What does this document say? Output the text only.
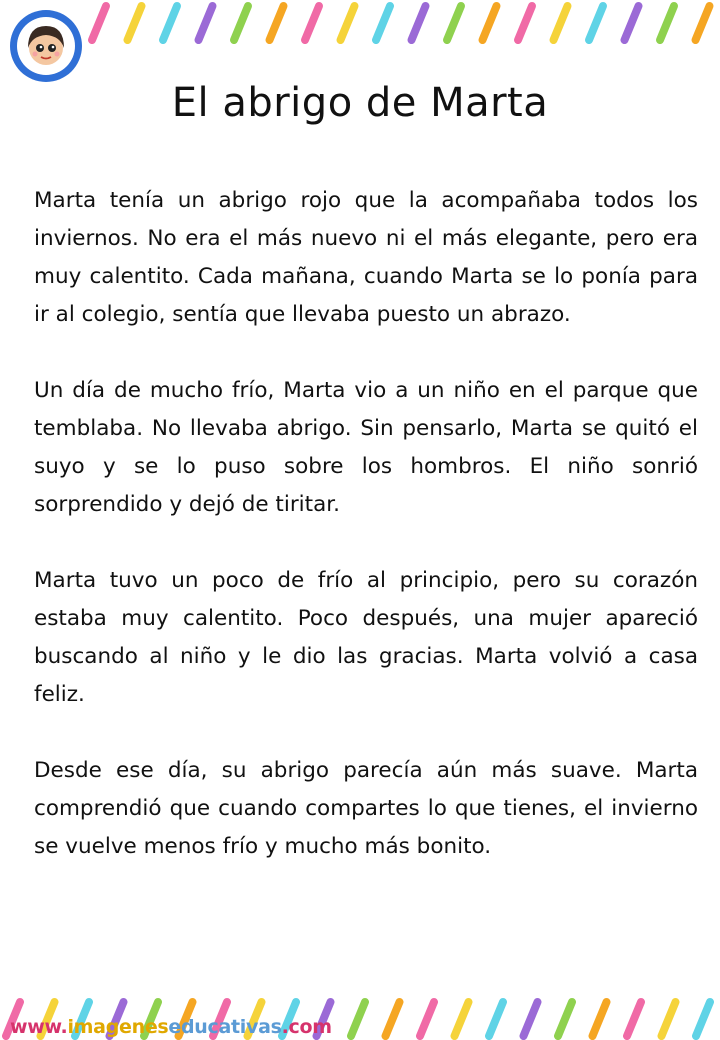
El abrigo de Marta

Marta tenía un abrigo rojo que la acompañaba todos los inviernos. No era el más nuevo ni el más elegante, pero era muy calentito. Cada mañana, cuando Marta se lo ponía para ir al colegio, sentía que llevaba puesto un abrazo.

Un día de mucho frío, Marta vio a un niño en el parque que temblaba. No llevaba abrigo. Sin pensarlo, Marta se quitó el suyo y se lo puso sobre los hombros. El niño sonrió sorprendido y dejó de tiritar.

Marta tuvo un poco de frío al principio, pero su corazón estaba muy calentito. Poco después, una mujer apareció buscando al niño y le dio las gracias. Marta volvió a casa feliz.

Desde ese día, su abrigo parecía aún más suave. Marta comprendió que cuando compartes lo que tienes, el invierno se vuelve menos frío y mucho más bonito.

www.imageneseducativas.com
